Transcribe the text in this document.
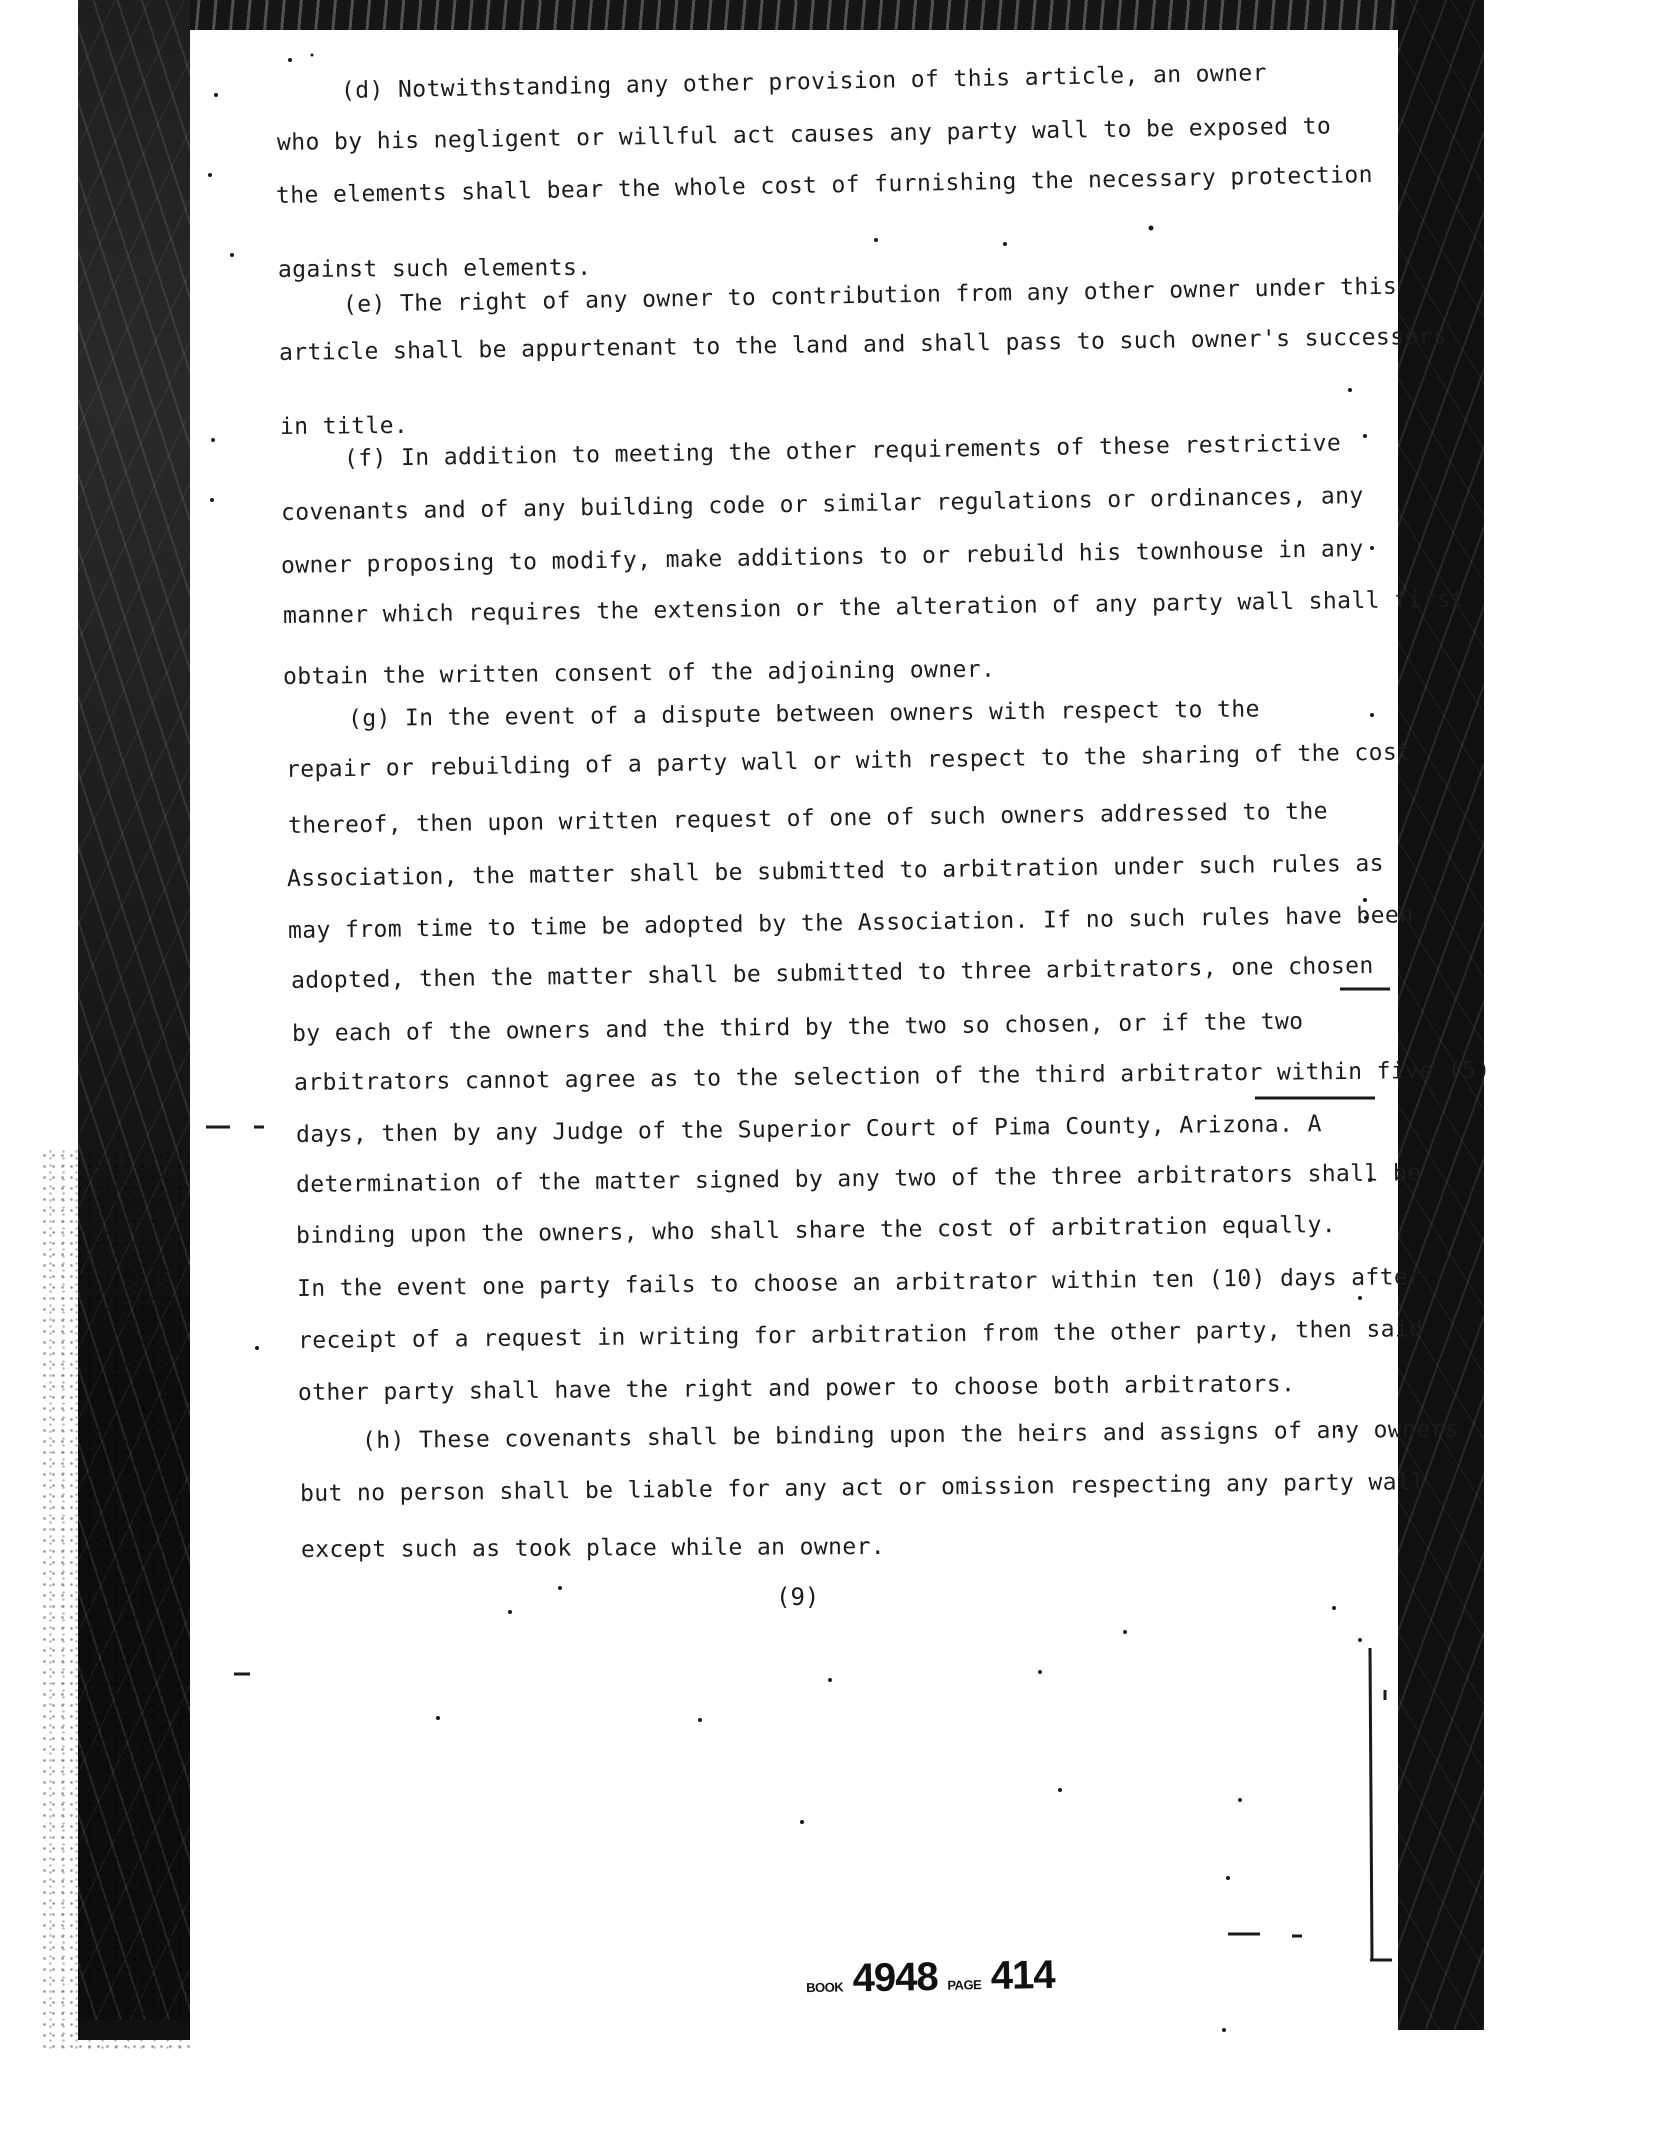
(d) Notwithstanding any other provision of this article, an owner
who by his negligent or willful act causes any party wall to be exposed to
the elements shall bear the whole cost of furnishing the necessary protection
against such elements.
(e) The right of any owner to contribution from any other owner under this
article shall be appurtenant to the land and shall pass to such owner's successors
in title.
(f) In addition to meeting the other requirements of these restrictive
covenants and of any building code or similar regulations or ordinances, any
owner proposing to modify, make additions to or rebuild his townhouse in any
manner which requires the extension or the alteration of any party wall shall first
obtain the written consent of the adjoining owner.
(g) In the event of a dispute between owners with respect to the
repair or rebuilding of a party wall or with respect to the sharing of the cost
thereof, then upon written request of one of such owners addressed to the
Association, the matter shall be submitted to arbitration under such rules as
may from time to time be adopted by the Association. If no such rules have been
adopted, then the matter shall be submitted to three arbitrators, one chosen
by each of the owners and the third by the two so chosen, or if the two
arbitrators cannot agree as to the selection of the third arbitrator within five (5)
days, then by any Judge of the Superior Court of Pima County, Arizona. A
determination of the matter signed by any two of the three arbitrators shall be
binding upon the owners, who shall share the cost of arbitration equally.
In the event one party fails to choose an arbitrator within ten (10) days after
receipt of a request in writing for arbitration from the other party, then said
other party shall have the right and power to choose both arbitrators.
(h) These covenants shall be binding upon the heirs and assigns of any owners
but no person shall be liable for any act or omission respecting any party wall
except such as took place while an owner.
(9)
BOOK 4948 PAGE 414
